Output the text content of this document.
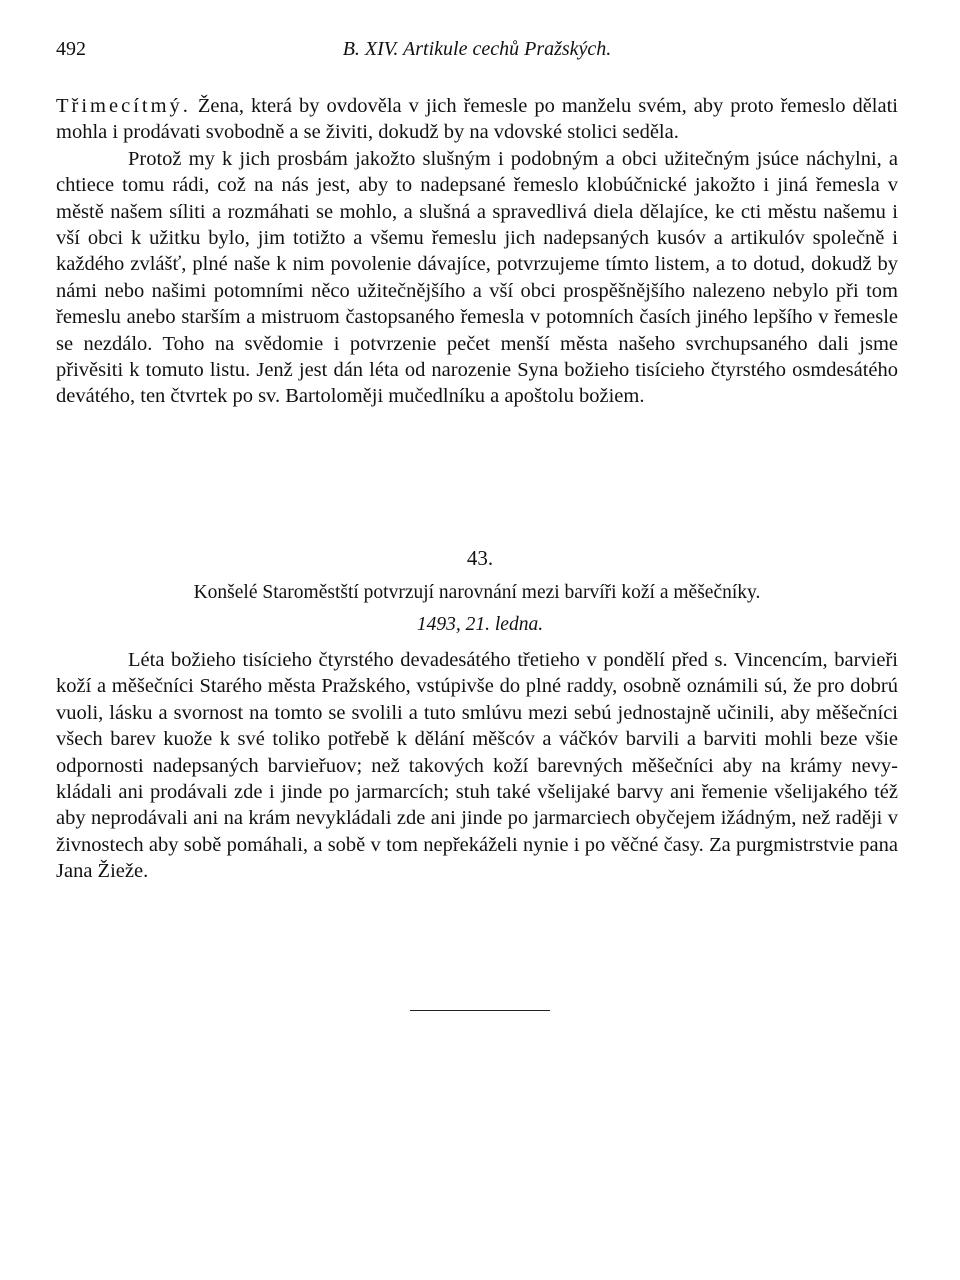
492	B. XIV. Artikule cechů Pražských.

Třimecítmý. Žena, která by ovdověla v jich řemesle po manželu svém, aby proto řemeslo dělati mohla i prodávati svobodně a se živiti, dokudž by na vdovské stolici seděla.

Protož my k jich prosbám jakožto slušným i podobným a obci užitečným jsúce náchylni, a chtiece tomu rádi, což na nás jest, aby to nadepsané řemeslo klobúčnické jakožto i jiná řemesla v městě našem síliti a rozmáhati se mohlo, a slušná a spravedlivá diela dělajíce, ke cti městu našemu i vší obci k užitku bylo, jim totižto a všemu řemeslu jich nadepsaných kusóv a artikulóv společně i každého zvlášť, plné naše k nim povolenie dávajíce, potvrzujeme tímto listem, a to dotud, dokudž by námi nebo našimi potomními něco užitečnějšího a vší obci prospěšnějšího nalezeno nebylo při tom řemeslu anebo starším a mistruom častopsaného řemesla v potomních časích jiného lepšího v řemesle se nezdálo. Toho na svědomie i potvrzenie pečet menší města našeho svrchupsaného dali jsme přivěsiti k tomuto listu. Jenž jest dán léta od narozenie Syna božieho tisícieho čtyrstého osmdesátého devátého, ten čtvrtek po sv. Bartoloměji mučedlníku a apoštolu božiem.

43.
Konšelé Staroměstští potvrzují narovnání mezi barvíři koží a měšečníky.
1493, 21. ledna.

Léta božieho tisícieho čtyrstého devadesátého třetieho v pondělí před s. Vincencím, barvieři koží a měšečníci Starého města Pražského, vstúpivše do plné raddy, osobně oznámili sú, že pro dobrú vuoli, lásku a svornost na tomto se svolili a tuto smlúvu mezi sebú jednostajně učinili, aby měšečníci všech barev kuože k své toliko potřebě k dělání měšcóv a váčkóv barvili a barviti mohli beze všie odpornosti nadepsaných barvieřuov; než takových koží barevných měšečníci aby na krámy nevykládali ani prodávali zde i jinde po jarmarcích; stuh také všelijaké barvy ani řemenie všelijakého též aby neprodávali ani na krám nevykládali zde ani jinde po jarmarciech obyčejem ižádným, než raději v živnostech aby sobě pomáhali, a sobě v tom nepřekáželi nynie i po věčné časy. Za purgmistrstvie pana Jana Žieže.
